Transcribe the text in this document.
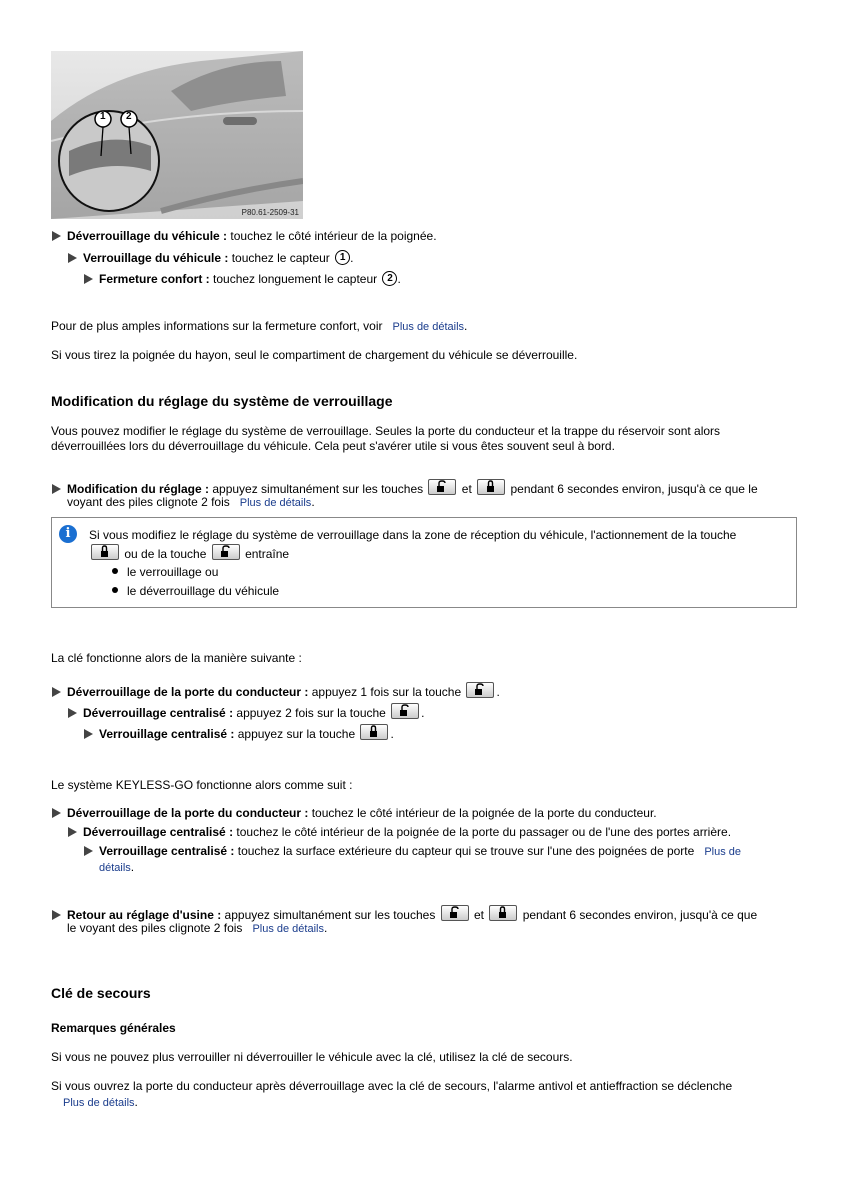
1 2
P80.61-2509-31
Déverrouillage du véhicule : touchez le côté intérieur de la poignée.
Verrouillage du véhicule : touchez le capteur 1 .
Fermeture confort : touchez longuement le capteur 2 .
Pour de plus amples informations sur la fermeture confort, voir Plus de détails.
Si vous tirez la poignée du hayon, seul le compartiment de chargement du véhicule se déverrouille.
Modification du réglage du système de verrouillage
Vous pouvez modifier le réglage du système de verrouillage. Seules la porte du conducteur et la trappe du réservoir sont alors
déverrouillées lors du déverrouillage du véhicule. Cela peut s'avérer utile si vous êtes souvent seul à bord.
Modification du réglage : appuyez simultanément sur les touches	et	pendant 6 secondes environ, jusqu'à ce que le
voyant des piles clignote 2 fois Plus de détails.
i	Si vous modifiez le réglage du système de verrouillage dans la zone de réception du véhicule, l'actionnement de la touche
ou de la touche	entraîne
le verrouillage ou
le déverrouillage du véhicule
La clé fonctionne alors de la manière suivante :
Déverrouillage de la porte du conducteur : appuyez 1 fois sur la touche	.
Déverrouillage centralisé : appuyez 2 fois sur la touche	.
Verrouillage centralisé : appuyez sur la touche	.
Le système KEYLESS-GO fonctionne alors comme suit :
Déverrouillage de la porte du conducteur : touchez le côté intérieur de la poignée de la porte du conducteur.
Déverrouillage centralisé : touchez le côté intérieur de la poignée de la porte du passager ou de l'une des portes arrière.
Verrouillage centralisé : touchez la surface extérieure du capteur qui se trouve sur l'une des poignées de porte Plus de
détails.
Retour au réglage d'usine : appuyez simultanément sur les touches	et	pendant 6 secondes environ, jusqu'à ce que
le voyant des piles clignote 2 fois Plus de détails.
Clé de secours
Remarques générales
Si vous ne pouvez plus verrouiller ni déverrouiller le véhicule avec la clé, utilisez la clé de secours.
Si vous ouvrez la porte du conducteur après déverrouillage avec la clé de secours, l'alarme antivol et antieffraction se déclenche
Plus de détails.
